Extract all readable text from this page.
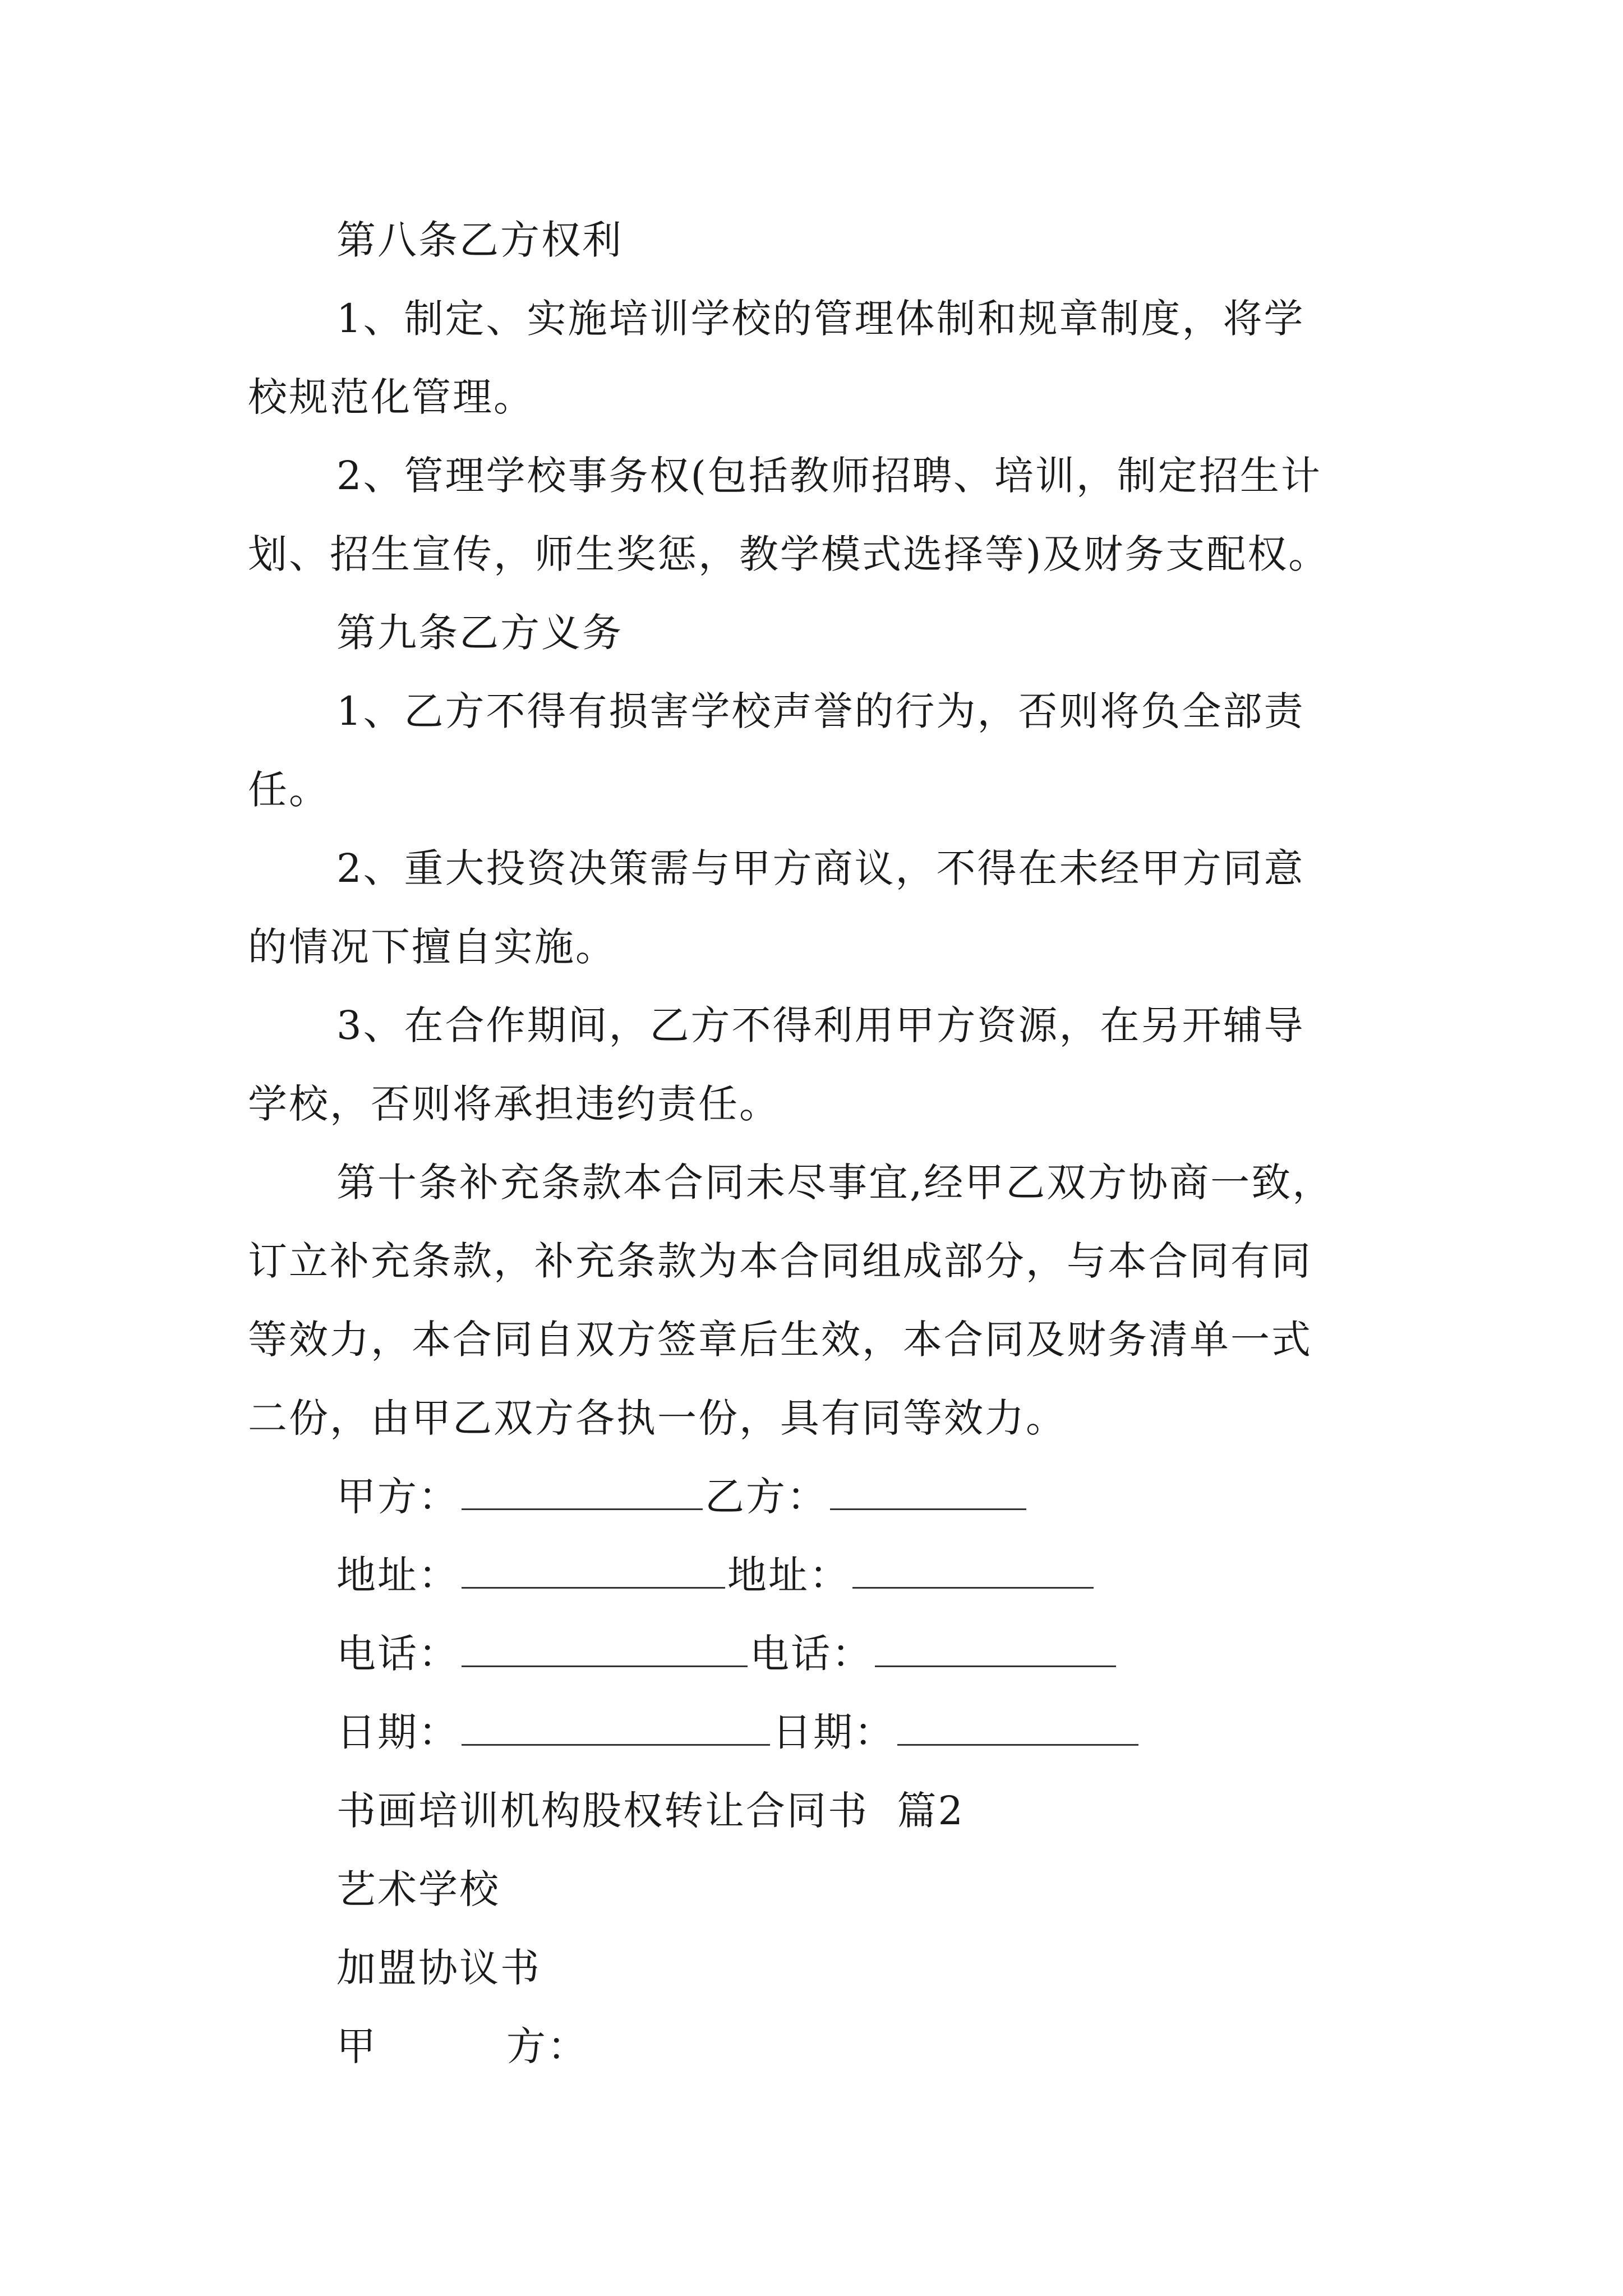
第八条乙方权利
1、制定、实施培训学校的管理体制和规章制度，将学
校规范化管理。
2、管理学校事务权(包括教师招聘、培训，制定招生计
划、招生宣传，师生奖惩，教学模式选择等)及财务支配权。
第九条乙方义务
1、乙方不得有损害学校声誉的行为，否则将负全部责
任。
2、重大投资决策需与甲方商议，不得在未经甲方同意
的情况下擅自实施。
3、在合作期间，乙方不得利用甲方资源，在另开辅导
学校，否则将承担违约责任。
第十条补充条款本合同未尽事宜,经甲乙双方协商一致，
订立补充条款，补充条款为本合同组成部分，与本合同有同
等效力，本合同自双方签章后生效，本合同及财务清单一式
二份，由甲乙双方各执一份，具有同等效力。
甲方：	乙方：
地址：	地址：
电话：	电话：
日期：	日期：
书画培训机构股权转让合同书  篇2
艺术学校
加盟协议书
甲	方：
